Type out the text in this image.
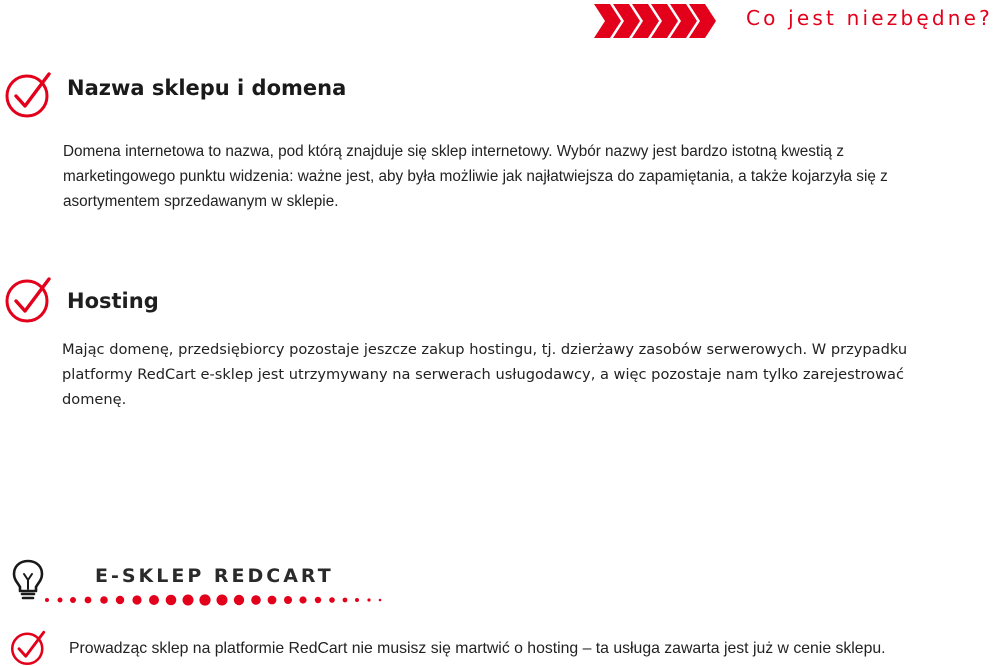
Co jest niezbędne?
Nazwa sklepu i domena
Domena internetowa to nazwa, pod którą znajduje się sklep internetowy. Wybór nazwy jest bardzo istotną kwestią z marketingowego punktu widzenia: ważne jest, aby była możliwie jak najłatwiejsza do zapamiętania, a także kojarzyła się z asortymentem sprzedawanym w sklepie.
Hosting
Mając domenę, przedsiębiorcy pozostaje jeszcze zakup hostingu, tj. dzierżawy zasobów serwerowych. W przypadku platformy RedCart e-sklep jest utrzymywany na serwerach usługodawcy, a więc pozostaje nam tylko zarejestrować domenę.
E-SKLEP REDCART
Prowadząc sklep na platformie RedCart nie musisz się martwić o hosting – ta usługa zawarta jest już w cenie sklepu.
